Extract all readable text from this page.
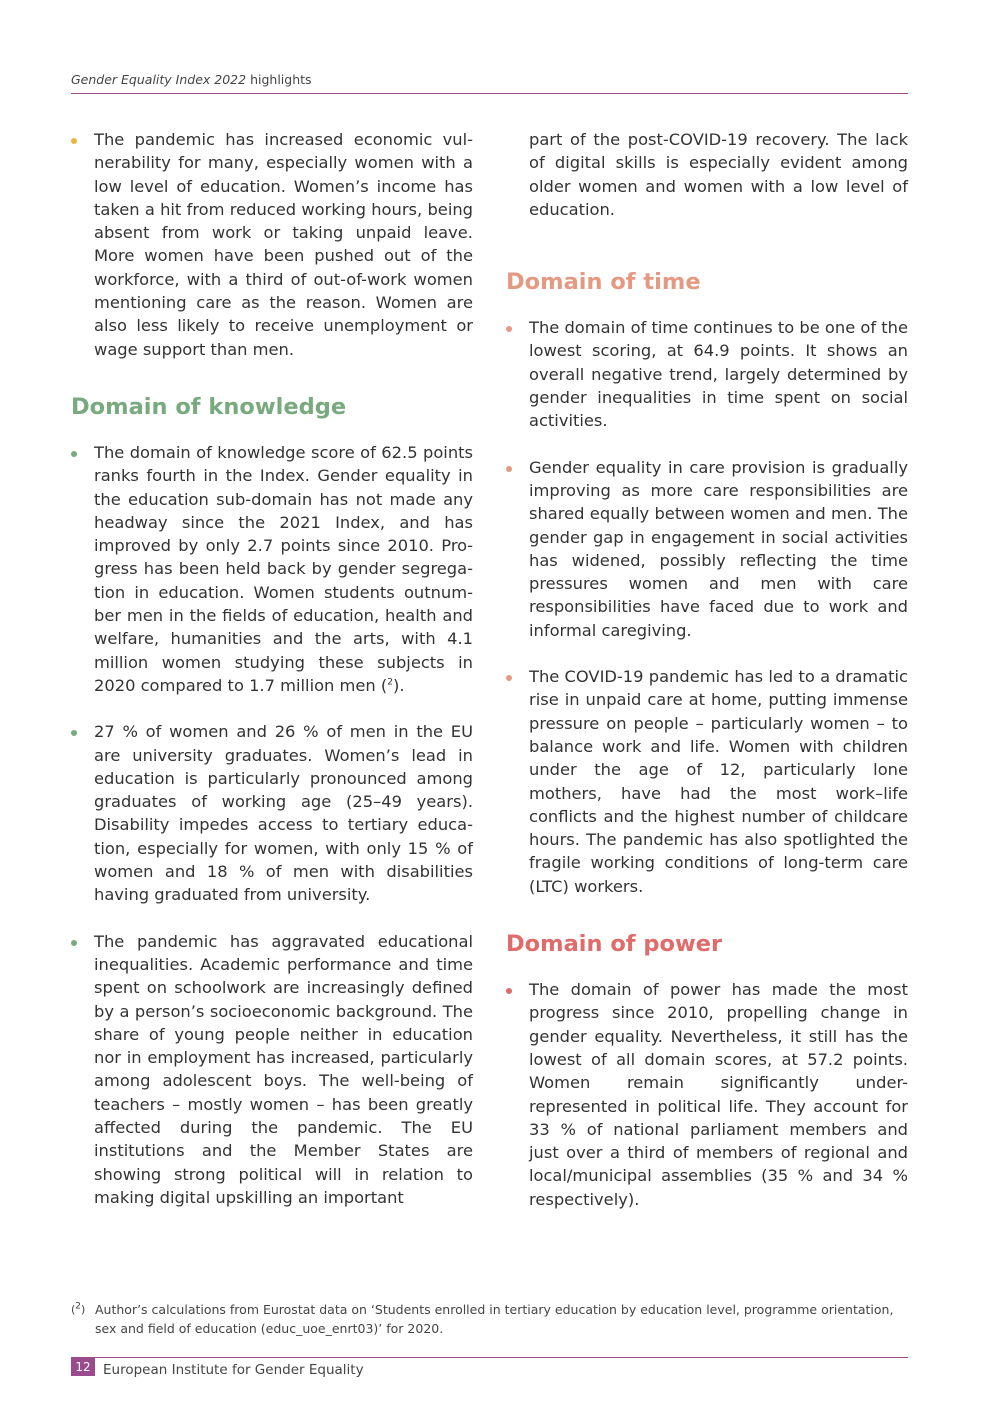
Gender Equality Index 2022 highlights
The pandemic has increased economic vulnerability for many, especially women with a low level of education. Women’s income has taken a hit from reduced working hours, being absent from work or taking unpaid leave. More women have been pushed out of the workforce, with a third of out-of-work women mentioning care as the reason. Women are also less likely to receive unemployment or wage support than men.
Domain of knowledge
The domain of knowledge score of 62.5 points ranks fourth in the Index. Gender equality in the education sub-domain has not made any headway since the 2021 Index, and has improved by only 2.7 points since 2010. Progress has been held back by gender segregation in education. Women students outnumber men in the fields of education, health and welfare, humanities and the arts, with 4.1 million women studying these subjects in 2020 compared to 1.7 million men ($^2$).
27 % of women and 26 % of men in the EU are university graduates. Women’s lead in education is particularly pronounced among graduates of working age (25–49 years). Disability impedes access to tertiary education, especially for women, with only 15 % of women and 18 % of men with disabilities having graduated from university.
The pandemic has aggravated educational inequalities. Academic performance and time spent on schoolwork are increasingly defined by a person’s socioeconomic background. The share of young people neither in education nor in employment has increased, particularly among adolescent boys. The well-being of teachers – mostly women – has been greatly affected during the pandemic. The EU institutions and the Member States are showing strong political will in relation to making digital upskilling an important

part of the post-COVID-19 recovery. The lack of digital skills is especially evident among older women and women with a low level of education.

Domain of time
The domain of time continues to be one of the lowest scoring, at 64.9 points. It shows an overall negative trend, largely determined by gender inequalities in time spent on social activities.
Gender equality in care provision is gradually improving as more care responsibilities are shared equally between women and men. The gender gap in engagement in social activities has widened, possibly reflecting the time pressures women and men with care responsibilities have faced due to work and informal caregiving.
The COVID-19 pandemic has led to a dramatic rise in unpaid care at home, putting immense pressure on people – particularly women – to balance work and life. Women with children under the age of 12, particularly lone mothers, have had the most work–life conflicts and the highest number of childcare hours. The pandemic has also spotlighted the fragile working conditions of long-term care (LTC) workers.
Domain of power
The domain of power has made the most progress since 2010, propelling change in gender equality. Nevertheless, it still has the lowest of all domain scores, at 57.2 points. Women remain significantly under-represented in political life. They account for 33 % of national parliament members and just over a third of members of regional and local/municipal assemblies (35 % and 34 % respectively).
($^2$) Author’s calculations from Eurostat data on ‘Students enrolled in tertiary education by education level, programme orientation, sex and field of education (educ_uoe_enrt03)’ for 2020.
12 European Institute for Gender Equality
